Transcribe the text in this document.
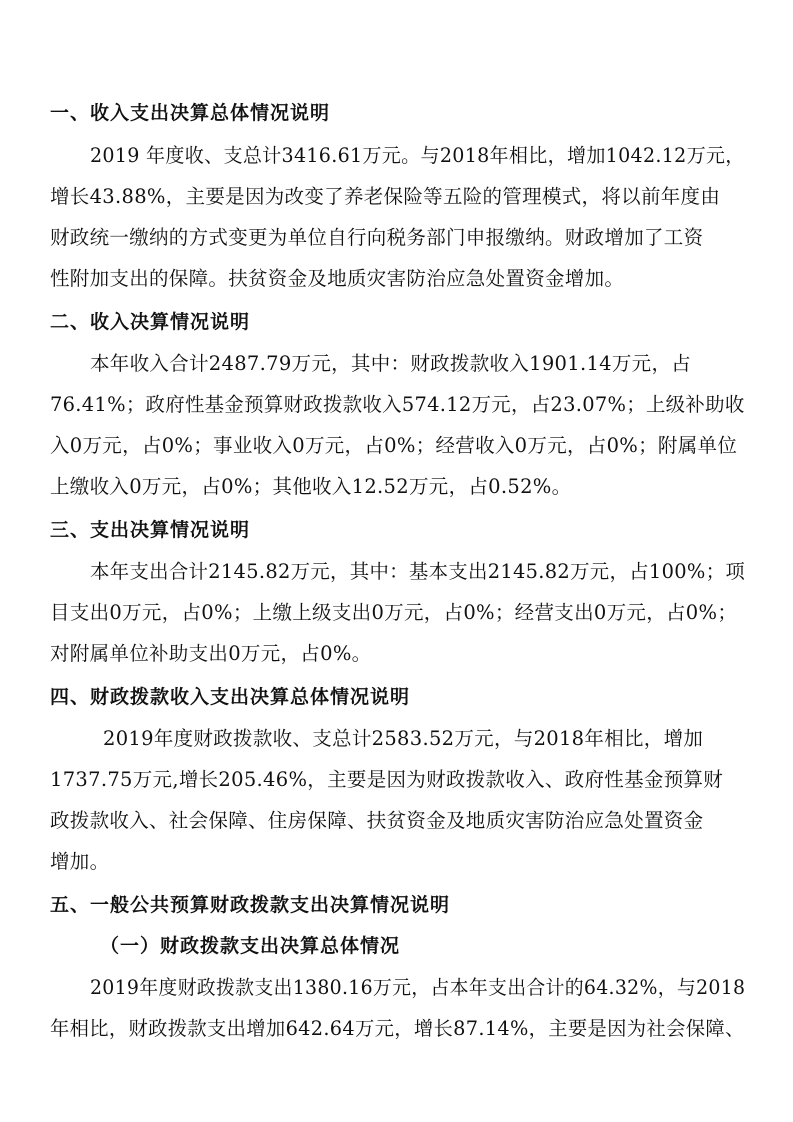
一、收入支出决算总体情况说明
2019 年度收、支总计3416.61万元。与2018年相比，增加1042.12万元，
增长43.88%，主要是因为改变了养老保险等五险的管理模式，将以前年度由
财政统一缴纳的方式变更为单位自行向税务部门申报缴纳。财政增加了工资
性附加支出的保障。扶贫资金及地质灾害防治应急处置资金增加。
二、收入决算情况说明
本年收入合计2487.79万元，其中：财政拨款收入1901.14万元，占
76.41%；政府性基金预算财政拨款收入574.12万元，占23.07%；上级补助收
入0万元，占0%；事业收入0万元，占0%；经营收入0万元，占0%；附属单位
上缴收入0万元，占0%；其他收入12.52万元，占0.52%。
三、支出决算情况说明
本年支出合计2145.82万元，其中：基本支出2145.82万元，占100%；项
目支出0万元，占0%；上缴上级支出0万元，占0%；经营支出0万元，占0%；
对附属单位补助支出0万元，占0%。
四、财政拨款收入支出决算总体情况说明
2019年度财政拨款收、支总计2583.52万元，与2018年相比，增加
1737.75万元,增长205.46%，主要是因为财政拨款收入、政府性基金预算财
政拨款收入、社会保障、住房保障、扶贫资金及地质灾害防治应急处置资金
增加。
五、一般公共预算财政拨款支出决算情况说明
（一）财政拨款支出决算总体情况
2019年度财政拨款支出1380.16万元，占本年支出合计的64.32%，与2018
年相比，财政拨款支出增加642.64万元，增长87.14%，主要是因为社会保障、
